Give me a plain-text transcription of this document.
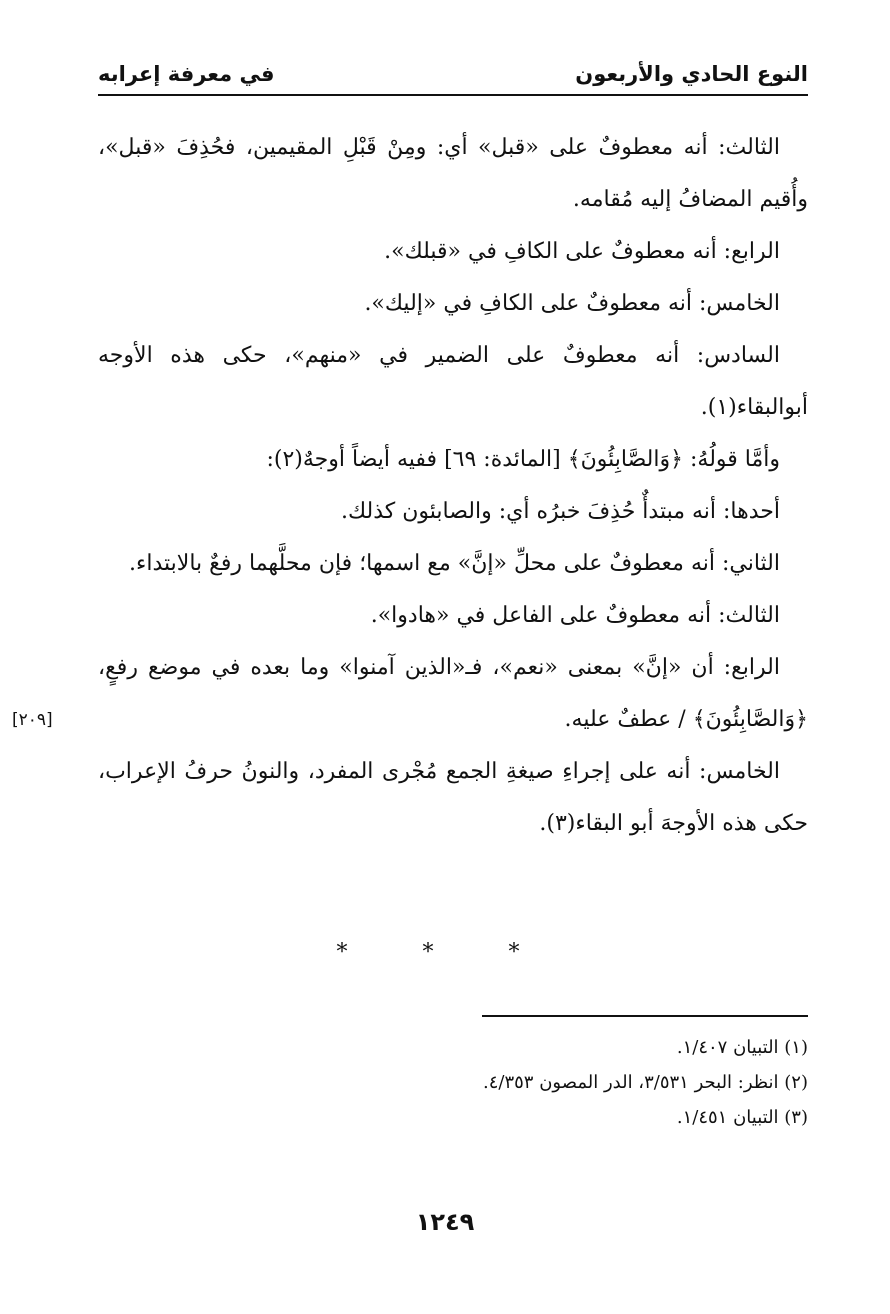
النوع الحادي والأربعون
في معرفة إعرابه

الثالث: أنه معطوفٌ على «قبل» أي: ومِنْ قَبْلِ المقيمين، فحُذِفَ «قبل»، وأُقيم المضافُ إليه مُقامه.

الرابع: أنه معطوفٌ على الكافِ في «قبلك».

الخامس: أنه معطوفٌ على الكافِ في «إليك».

السادس: أنه معطوفٌ على الضمير في «منهم»، حكى هذه الأوجه أبوالبقاء(١).

وأمَّا قولُهُ: ﴿وَالصَّابِئُونَ﴾ [المائدة: ٦٩] ففيه أيضاً أوجهٌ(٢):

أحدها: أنه مبتدأٌ حُذِفَ خبرُه أي: والصابئون كذلك.

الثاني: أنه معطوفٌ على محلِّ «إنَّ» مع اسمها؛ فإن محلَّهما رفعٌ بالابتداء.

الثالث: أنه معطوفٌ على الفاعل في «هادوا».

[٢٠٩]

الرابع: أن «إنَّ» بمعنى «نعم»، فـ«الذين آمنوا» وما بعده في موضع رفعٍ، ﴿وَالصَّابِئُونَ﴾ / عطفٌ عليه.

الخامس: أنه على إجراءِ صيغةِ الجمع مُجْرى المفرد، والنونُ حرفُ الإعراب، حكى هذه الأوجهَ أبو البقاء(٣).

* * *

(١) التبيان ١/٤٠٧.

(٢) انظر: البحر ٣/٥٣١، الدر المصون ٤/٣٥٣.

(٣) التبيان ١/٤٥١.

١٢٤٩
